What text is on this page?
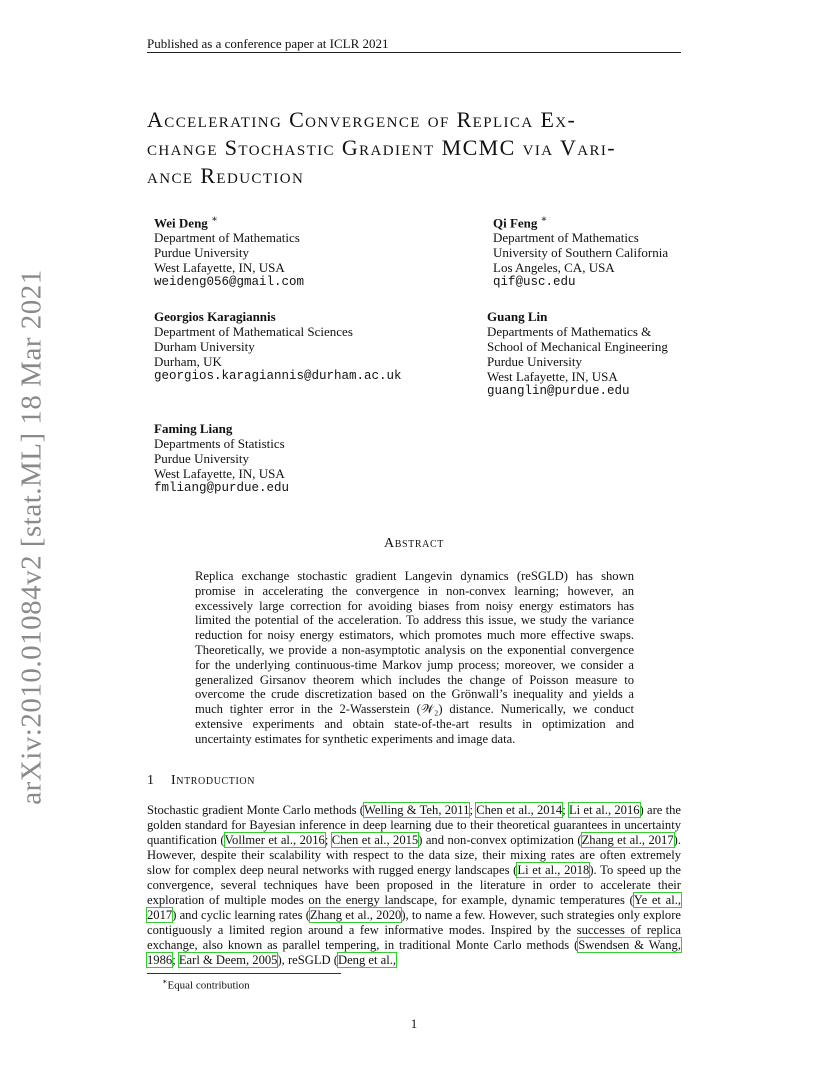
Published as a conference paper at ICLR 2021
arXiv:2010.01084v2 [stat.ML] 18 Mar 2021
Accelerating Convergence of Replica Ex-
change Stochastic Gradient MCMC via Vari-
ance Reduction
Wei Deng ∗
Department of Mathematics
Purdue University
West Lafayette, IN, USA
weideng056@gmail.com
Qi Feng ∗
Department of Mathematics
University of Southern California
Los Angeles, CA, USA
qif@usc.edu
Georgios Karagiannis
Department of Mathematical Sciences
Durham University
Durham, UK
georgios.karagiannis@durham.ac.uk
Guang Lin
Departments of Mathematics &
School of Mechanical Engineering
Purdue University
West Lafayette, IN, USA
guanglin@purdue.edu
Faming Liang
Departments of Statistics
Purdue University
West Lafayette, IN, USA
fmliang@purdue.edu
Abstract
Replica exchange stochastic gradient Langevin dynamics (reSGLD) has shown promise in accelerating the convergence in non-convex learning; however, an excessively large correction for avoiding biases from noisy energy estimators has limited the potential of the acceleration. To address this issue, we study the variance reduction for noisy energy estimators, which promotes much more effective swaps. Theoretically, we provide a non-asymptotic analysis on the exponential convergence for the underlying continuous-time Markov jump process; moreover, we consider a generalized Girsanov theorem which includes the change of Poisson measure to overcome the crude discretization based on the Grönwall’s inequality and yields a much tighter error in the 2-Wasserstein (𝒲₂) distance. Numerically, we conduct extensive experiments and obtain state-of-the-art results in optimization and uncertainty estimates for synthetic experiments and image data.
1 Introduction
Stochastic gradient Monte Carlo methods (Welling & Teh, 2011; Chen et al., 2014; Li et al., 2016) are the golden standard for Bayesian inference in deep learning due to their theoretical guarantees in uncertainty quantification (Vollmer et al., 2016; Chen et al., 2015) and non-convex optimization (Zhang et al., 2017). However, despite their scalability with respect to the data size, their mixing rates are often extremely slow for complex deep neural networks with rugged energy landscapes (Li et al., 2018). To speed up the convergence, several techniques have been proposed in the literature in order to accelerate their exploration of multiple modes on the energy landscape, for example, dynamic temperatures (Ye et al., 2017) and cyclic learning rates (Zhang et al., 2020), to name a few. However, such strategies only explore contiguously a limited region around a few informative modes. Inspired by the successes of replica exchange, also known as parallel tempering, in traditional Monte Carlo methods (Swendsen & Wang, 1986; Earl & Deem, 2005), reSGLD (Deng et al.,
∗Equal contribution
1
